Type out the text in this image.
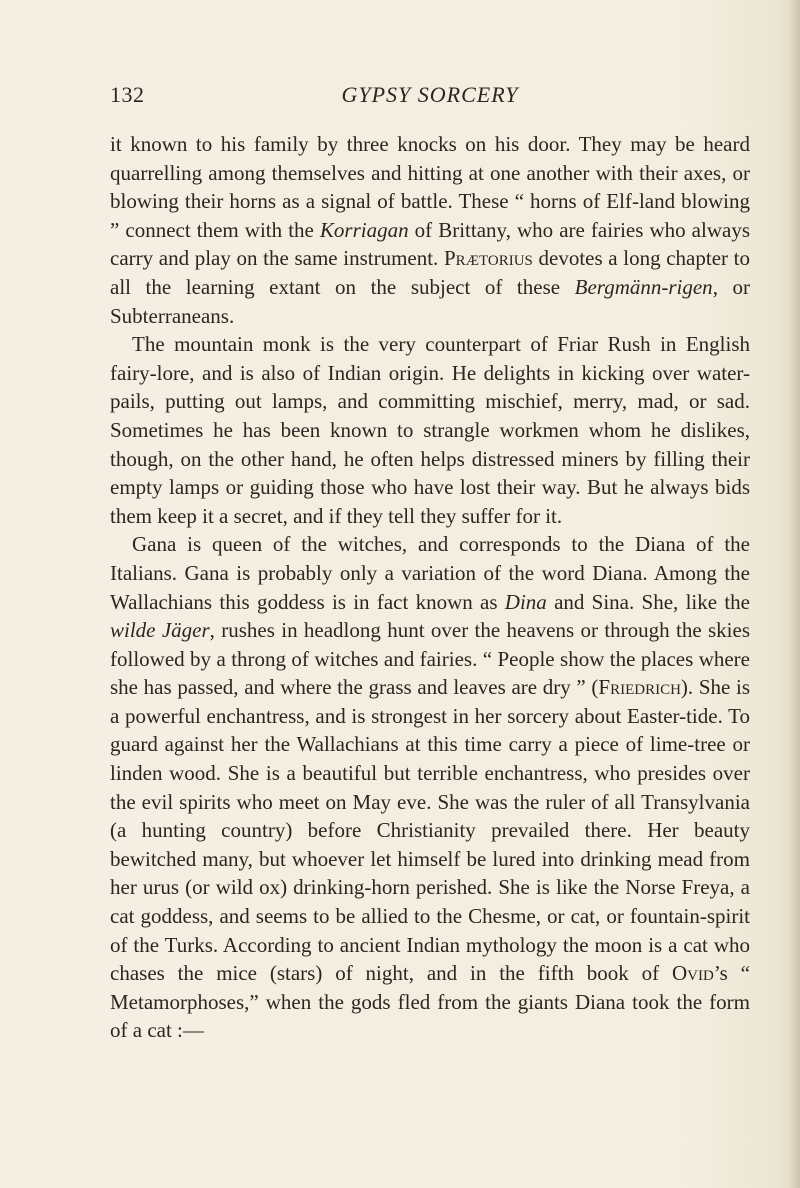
132	GYPSY SORCERY

it known to his family by three knocks on his door. They may be heard quarrelling among themselves and hitting at one another with their axes, or blowing their horns as a signal of battle. These “ horns of Elf-land blowing ” connect them with the Korriagan of Brittany, who are fairies who always carry and play on the same instrument. Prætorius devotes a long chapter to all the learning extant on the subject of these Bergmänn-rigen, or Subterraneans.

The mountain monk is the very counterpart of Friar Rush in English fairy-lore, and is also of Indian origin. He delights in kicking over water-pails, putting out lamps, and committing mischief, merry, mad, or sad. Sometimes he has been known to strangle workmen whom he dislikes, though, on the other hand, he often helps distressed miners by filling their empty lamps or guiding those who have lost their way. But he always bids them keep it a secret, and if they tell they suffer for it.

Gana is queen of the witches, and corresponds to the Diana of the Italians. Gana is probably only a variation of the word Diana. Among the Wallachians this goddess is in fact known as Dina and Sina. She, like the wilde Jäger, rushes in headlong hunt over the heavens or through the skies followed by a throng of witches and fairies. “ People show the places where she has passed, and where the grass and leaves are dry ” (Friedrich). She is a powerful enchantress, and is strongest in her sorcery about Easter-tide. To guard against her the Wallachians at this time carry a piece of lime-tree or linden wood. She is a beautiful but terrible enchantress, who presides over the evil spirits who meet on May eve. She was the ruler of all Transylvania (a hunting country) before Christianity prevailed there. Her beauty bewitched many, but whoever let himself be lured into drinking mead from her urus (or wild ox) drinking-horn perished. She is like the Norse Freya, a cat goddess, and seems to be allied to the Chesme, or cat, or fountain-spirit of the Turks. According to ancient Indian mythology the moon is a cat who chases the mice (stars) of night, and in the fifth book of Ovid’s “ Metamorphoses,” when the gods fled from the giants Diana took the form of a cat :—
